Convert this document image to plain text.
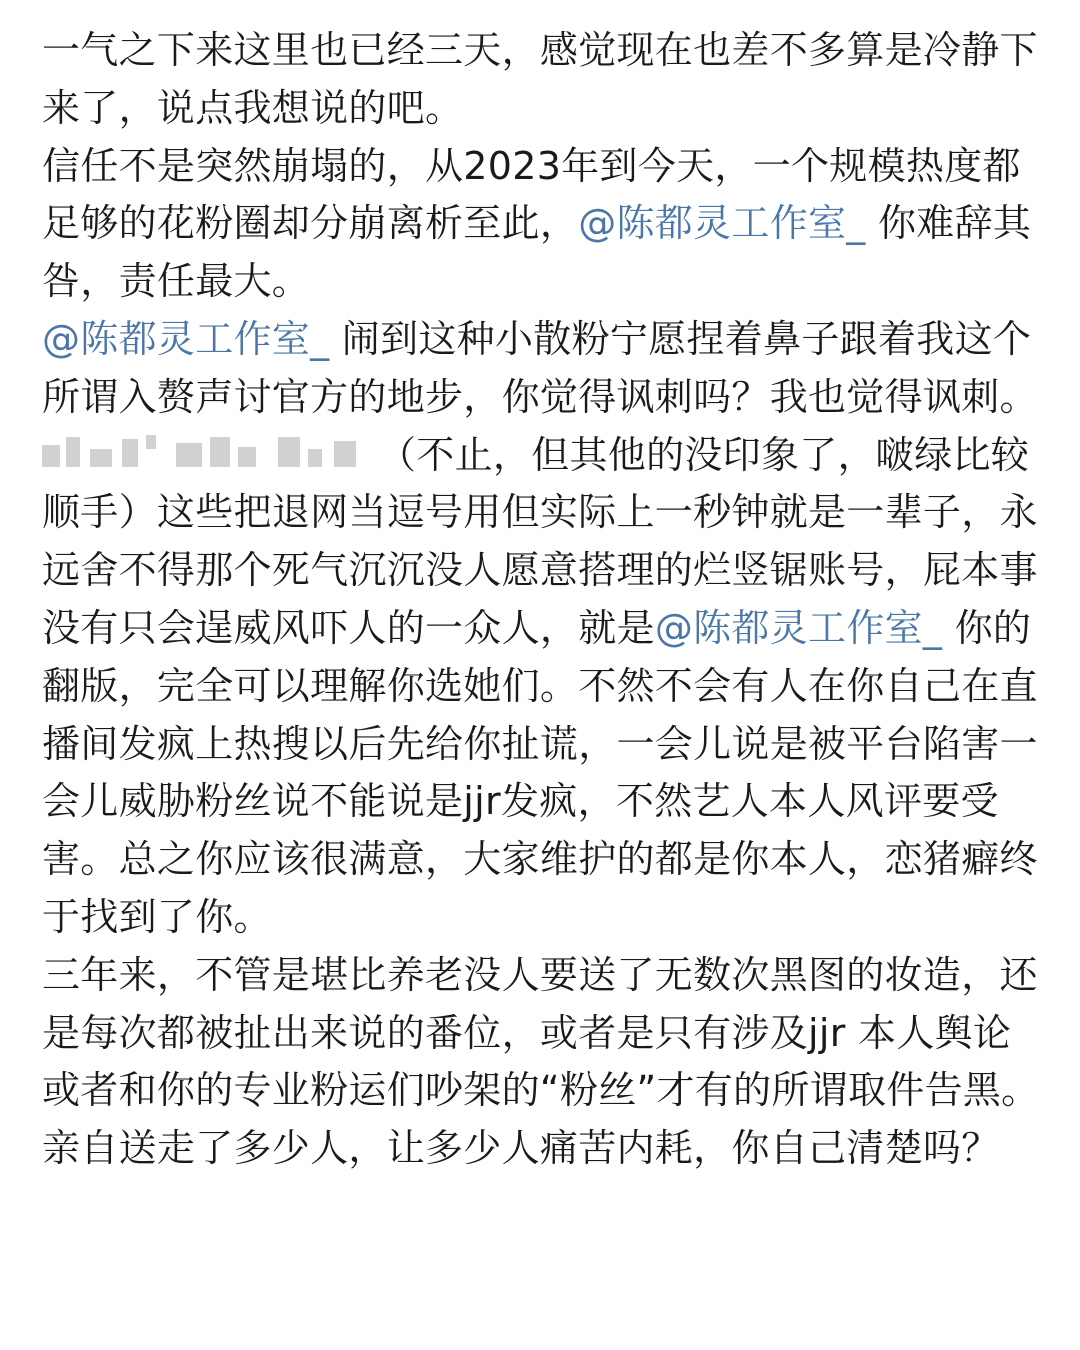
一气之下来这里也已经三天，感觉现在也差不多算是冷静下来了，说点我想说的吧。

信任不是突然崩塌的，从2023年到今天，一个规模热度都足够的花粉圈却分崩离析至此，@陈都灵工作室_ 你难辞其咎，责任最大。

@陈都灵工作室_ 闹到这种小散粉宁愿捏着鼻子跟着我这个所谓入赘声讨官方的地步，你觉得讽刺吗？我也觉得讽刺。

（不止，但其他的没印象了，啵绿比较顺手）这些把退网当逗号用但实际上一秒钟就是一辈子，永远舍不得那个死气沉沉没人愿意搭理的烂竖锯账号，屁本事没有只会逞威风吓人的一众人，就是@陈都灵工作室_ 你的翻版，完全可以理解你选她们。不然不会有人在你自己在直播间发疯上热搜以后先给你扯谎，一会儿说是被平台陷害一会儿威胁粉丝说不能说是jjr发疯，不然艺人本人风评要受害。总之你应该很满意，大家维护的都是你本人，恋猪癖终于找到了你。

三年来，不管是堪比养老没人要送了无数次黑图的妆造，还是每次都被扯出来说的番位，或者是只有涉及jjr 本人舆论或者和你的专业粉运们吵架的“粉丝”才有的所谓取件告黑。亲自送走了多少人，让多少人痛苦内耗，你自己清楚吗？
